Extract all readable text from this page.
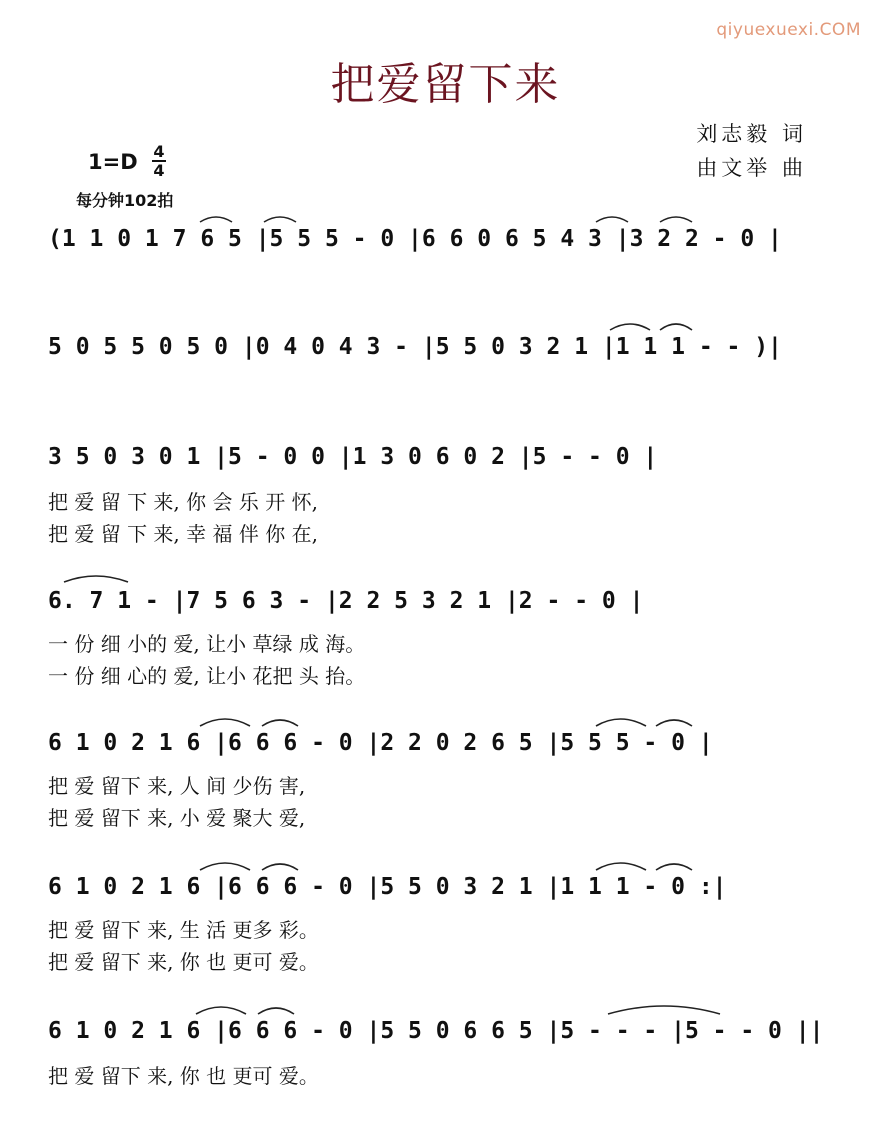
qiyuexuexi.COM
把爱留下来
刘志毅 词
由文举 曲
1=D 4
4
每分钟102拍
(1 1 0 1 7 6 5 |5 5 5 - 0 |6 6 0 6 5 4 3 |3 2 2 - 0 |
5 0 5 5 0 5 0 |0 4 0 4 3 - |5 5 0 3 2 1 |1 1 1 - - )|
3 5 0 3 0 1 |5 - 0 0 |1 3 0 6 0 2 |5 - - 0 |
把 爱 留 下 来, 你 会 乐 开 怀,
把 爱 留 下 来, 幸 福 伴 你 在,
6. 7 1 - |7 5 6 3 - |2 2 5 3 2 1 |2 - - 0 |
一 份 细 小的 爱, 让小 草绿 成 海。
一 份 细 心的 爱, 让小 花把 头 抬。
6 1 0 2 1 6 |6 6 6 - 0 |2 2 0 2 6 5 |5 5 5 - 0 |
把 爱 留下 来, 人 间 少伤 害,
把 爱 留下 来, 小 爱 聚大 爱,
6 1 0 2 1 6 |6 6 6 - 0 |5 5 0 3 2 1 |1 1 1 - 0 :|
把 爱 留下 来, 生 活 更多 彩。
把 爱 留下 来, 你 也 更可 爱。
6 1 0 2 1 6 |6 6 6 - 0 |5 5 0 6 6 5 |5 - - - |5 - - 0 ||
把 爱 留下 来, 你 也 更可 爱。
